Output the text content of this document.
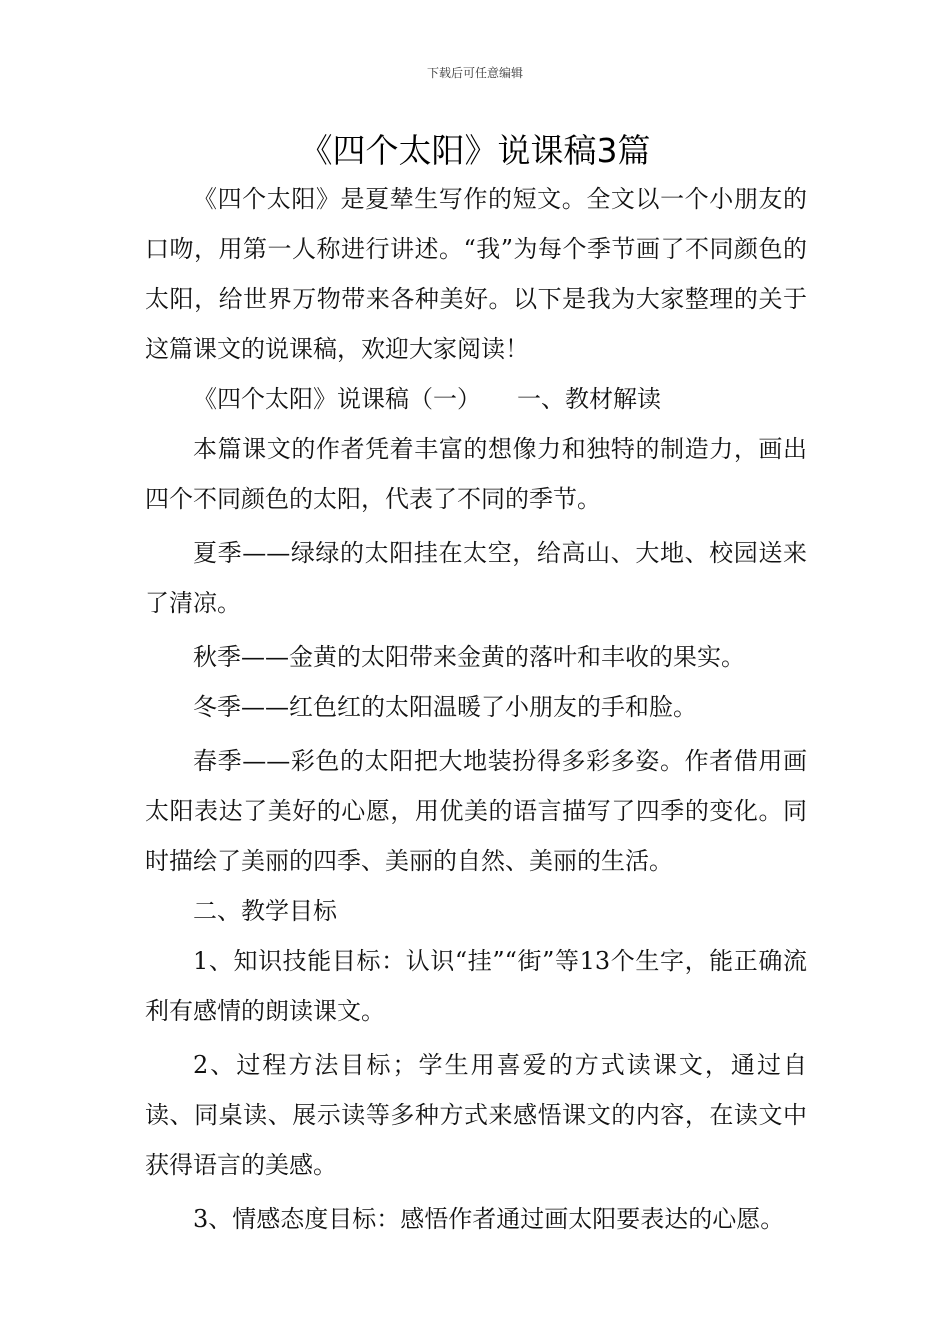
下载后可任意编辑
《四个太阳》说课稿3篇

《四个太阳》是夏辇生写作的短文。全文以一个小朋友的口吻，用第一人称进行讲述。“我”为每个季节画了不同颜色的太阳，给世界万物带来各种美好。以下是我为大家整理的关于这篇课文的说课稿，欢迎大家阅读！

《四个太阳》说课稿（一）　　一、教材解读

本篇课文的作者凭着丰富的想像力和独特的制造力，画出四个不同颜色的太阳，代表了不同的季节。

夏季——绿绿的太阳挂在太空，给高山、大地、校园送来了清凉。

秋季——金黄的太阳带来金黄的落叶和丰收的果实。

冬季——红色红的太阳温暖了小朋友的手和脸。

春季——彩色的太阳把大地装扮得多彩多姿。作者借用画太阳表达了美好的心愿，用优美的语言描写了四季的变化。同时描绘了美丽的四季、美丽的自然、美丽的生活。

二、教学目标

1、知识技能目标：认识“挂”“街”等13个生字，能正确流利有感情的朗读课文。

2、过程方法目标；学生用喜爱的方式读课文，通过自读、同桌读、展示读等多种方式来感悟课文的内容，在读文中获得语言的美感。

3、情感态度目标：感悟作者通过画太阳要表达的心愿。
